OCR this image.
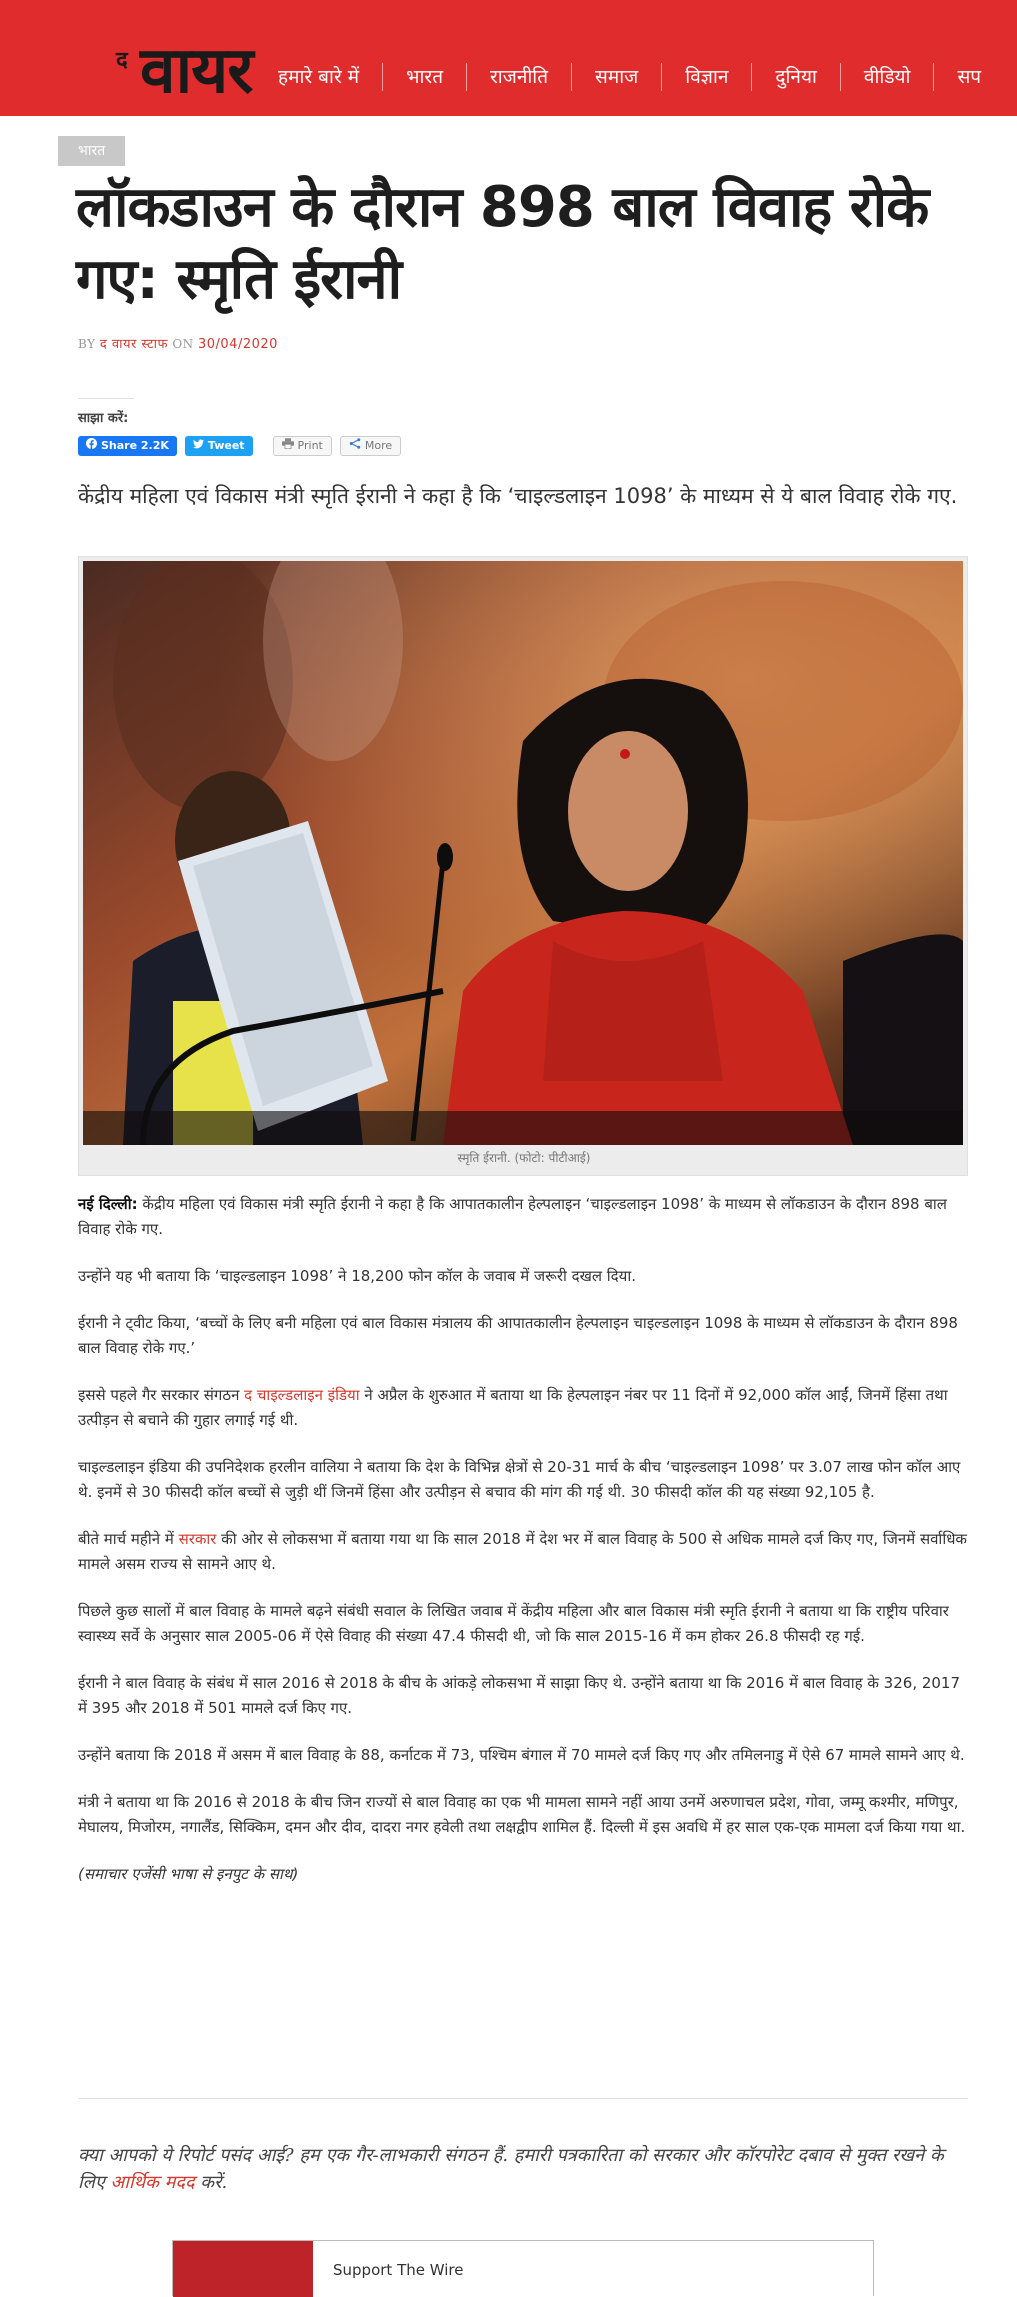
द वायर	हमारे बारे में	भारत	राजनीति	समाज	विज्ञान	दुनिया	वीडियो	सप
भारत
लॉकडाउन के दौरान 898 बाल विवाह रोके गए: स्मृति ईरानी
BY द वायर स्टाफ ON 30/04/2020
साझा करें:
Share 2.2K	Tweet	Print	More

केंद्रीय महिला एवं विकास मंत्री स्मृति ईरानी ने कहा है कि ‘चाइल्डलाइन 1098’ के माध्यम से ये बाल विवाह रोके गए.

स्मृति ईरानी. (फोटो: पीटीआई)

नई दिल्ली: केंद्रीय महिला एवं विकास मंत्री स्मृति ईरानी ने कहा है कि आपातकालीन हेल्पलाइन ‘चाइल्डलाइन 1098’ के माध्यम से लॉकडाउन के दौरान 898 बाल विवाह रोके गए.

उन्होंने यह भी बताया कि ‘चाइल्डलाइन 1098’ ने 18,200 फोन कॉल के जवाब में जरूरी दखल दिया.

ईरानी ने ट्वीट किया, ‘बच्चों के लिए बनी महिला एवं बाल विकास मंत्रालय की आपातकालीन हेल्पलाइन चाइल्डलाइन 1098 के माध्यम से लॉकडाउन के दौरान 898 बाल विवाह रोके गए.’

इससे पहले गैर सरकार संगठन द चाइल्डलाइन इंडिया ने अप्रैल के शुरुआत में बताया था कि हेल्पलाइन नंबर पर 11 दिनों में 92,000 कॉल आईं, जिनमें हिंसा तथा उत्पीड़न से बचाने की गुहार लगाई गई थी.

चाइल्डलाइन इंडिया की उपनिदेशक हरलीन वालिया ने बताया कि देश के विभिन्न क्षेत्रों से 20-31 मार्च के बीच ‘चाइल्डलाइन 1098’ पर 3.07 लाख फोन कॉल आए थे. इनमें से 30 फीसदी कॉल बच्चों से जुड़ी थीं जिनमें हिंसा और उत्पीड़न से बचाव की मांग की गई थी. 30 फीसदी कॉल की यह संख्या 92,105 है.

बीते मार्च महीने में सरकार की ओर से लोकसभा में बताया गया था कि साल 2018 में देश भर में बाल विवाह के 500 से अधिक मामले दर्ज किए गए, जिनमें सर्वाधिक मामले असम राज्य से सामने आए थे.

पिछले कुछ सालों में बाल विवाह के मामले बढ़ने संबंधी सवाल के लिखित जवाब में केंद्रीय महिला और बाल विकास मंत्री स्मृति ईरानी ने बताया था कि राष्ट्रीय परिवार स्वास्थ्य सर्वे के अनुसार साल 2005-06 में ऐसे विवाह की संख्या 47.4 फीसदी थी, जो कि साल 2015-16 में कम होकर 26.8 फीसदी रह गई.

ईरानी ने बाल विवाह के संबंध में साल 2016 से 2018 के बीच के आंकड़े लोकसभा में साझा किए थे. उन्होंने बताया था कि 2016 में बाल विवाह के 326, 2017 में 395 और 2018 में 501 मामले दर्ज किए गए.

उन्होंने बताया कि 2018 में असम में बाल विवाह के 88, कर्नाटक में 73, पश्चिम बंगाल में 70 मामले दर्ज किए गए और तमिलनाडु में ऐसे 67 मामले सामने आए थे.

मंत्री ने बताया था कि 2016 से 2018 के बीच जिन राज्यों से बाल विवाह का एक भी मामला सामने नहीं आया उनमें अरुणाचल प्रदेश, गोवा, जम्मू कश्मीर, मणिपुर, मेघालय, मिजोरम, नगालैंड, सिक्किम, दमन और दीव, दादरा नगर हवेली तथा लक्षद्वीप शामिल हैं. दिल्ली में इस अवधि में हर साल एक-एक मामला दर्ज किया गया था.

(समाचार एजेंसी भाषा से इनपुट के साथ)

क्या आपको ये रिपोर्ट पसंद आई? हम एक गैर-लाभकारी संगठन हैं. हमारी पत्रकारिता को सरकार और कॉरपोरेट दबाव से मुक्त रखने के लिए आर्थिक मदद करें.

Support The Wire
